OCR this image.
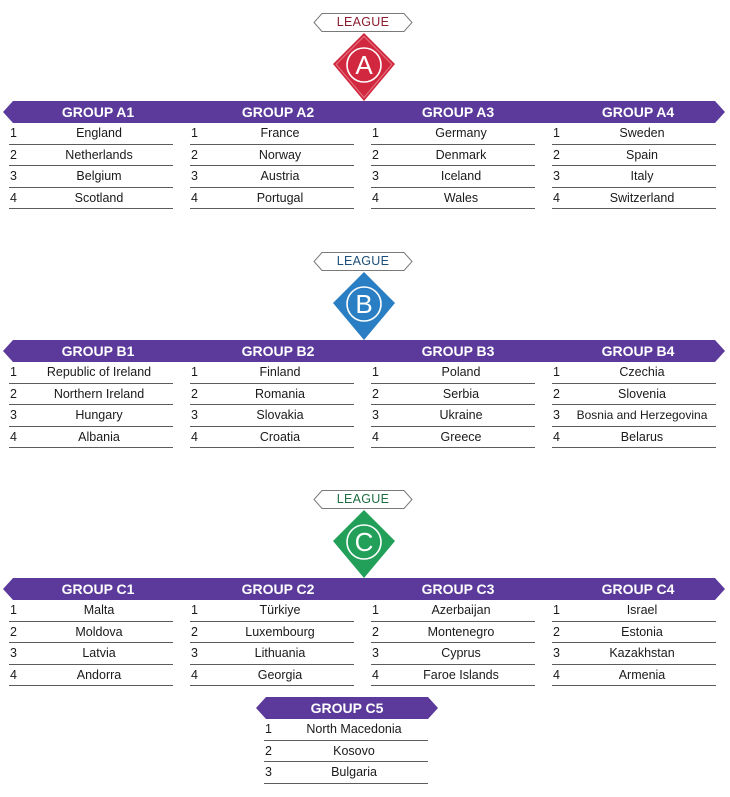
LEAGUE
A
GROUP A1	GROUP A2	GROUP A3	GROUP A4
1	England
2	Netherlands
3	Belgium
4	Scotland
1	France
2	Norway
3	Austria
4	Portugal
1	Germany
2	Denmark
3	Iceland
4	Wales
1	Sweden
2	Spain
3	Italy
4	Switzerland
LEAGUE
B
GROUP B1	GROUP B2	GROUP B3	GROUP B4
1	Republic of Ireland
2	Northern Ireland
3	Hungary
4	Albania
1	Finland
2	Romania
3	Slovakia
4	Croatia
1	Poland
2	Serbia
3	Ukraine
4	Greece
1	Czechia
2	Slovenia
3	Bosnia and Herzegovina
4	Belarus
LEAGUE
C
GROUP C1	GROUP C2	GROUP C3	GROUP C4
1	Malta
2	Moldova
3	Latvia
4	Andorra
1	Türkiye
2	Luxembourg
3	Lithuania
4	Georgia
1	Azerbaijan
2	Montenegro
3	Cyprus
4	Faroe Islands
1	Israel
2	Estonia
3	Kazakhstan
4	Armenia
GROUP C5
1	North Macedonia
2	Kosovo
3	Bulgaria
